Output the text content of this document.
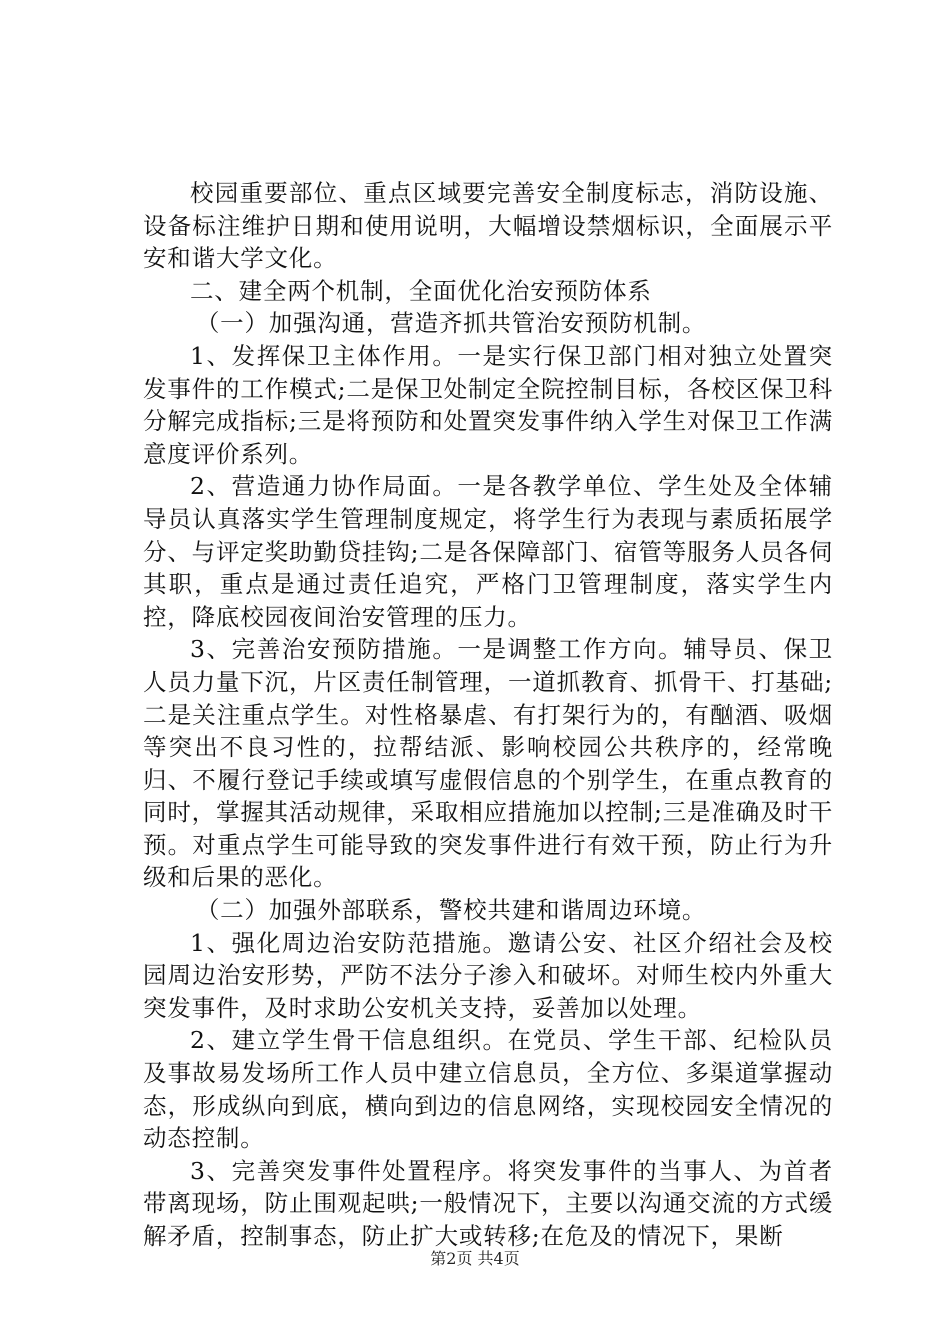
校园重要部位、重点区域要完善安全制度标志，消防设施、设备标注维护日期和使用说明，大幅增设禁烟标识，全面展示平安和谐大学文化。

二、建全两个机制，全面优化治安预防体系

（一）加强沟通，营造齐抓共管治安预防机制。

1、发挥保卫主体作用。一是实行保卫部门相对独立处置突发事件的工作模式;二是保卫处制定全院控制目标，各校区保卫科分解完成指标;三是将预防和处置突发事件纳入学生对保卫工作满意度评价系列。

2、营造通力协作局面。一是各教学单位、学生处及全体辅导员认真落实学生管理制度规定，将学生行为表现与素质拓展学分、与评定奖助勤贷挂钩;二是各保障部门、宿管等服务人员各伺其职，重点是通过责任追究，严格门卫管理制度，落实学生内控，降底校园夜间治安管理的压力。

3、完善治安预防措施。一是调整工作方向。辅导员、保卫人员力量下沉，片区责任制管理，一道抓教育、抓骨干、打基础;二是关注重点学生。对性格暴虐、有打架行为的，有酗酒、吸烟等突出不良习性的，拉帮结派、影响校园公共秩序的，经常晚归、不履行登记手续或填写虚假信息的个别学生，在重点教育的同时，掌握其活动规律，采取相应措施加以控制;三是准确及时干预。对重点学生可能导致的突发事件进行有效干预，防止行为升级和后果的恶化。

（二）加强外部联系，警校共建和谐周边环境。

1、强化周边治安防范措施。邀请公安、社区介绍社会及校园周边治安形势，严防不法分子渗入和破坏。对师生校内外重大突发事件，及时求助公安机关支持，妥善加以处理。

2、建立学生骨干信息组织。在党员、学生干部、纪检队员及事故易发场所工作人员中建立信息员，全方位、多渠道掌握动态，形成纵向到底，横向到边的信息网络，实现校园安全情况的动态控制。

3、完善突发事件处置程序。将突发事件的当事人、为首者带离现场，防止围观起哄;一般情况下，主要以沟通交流的方式缓解矛盾，控制事态，防止扩大或转移;在危及的情况下，果断

第2页 共4页
